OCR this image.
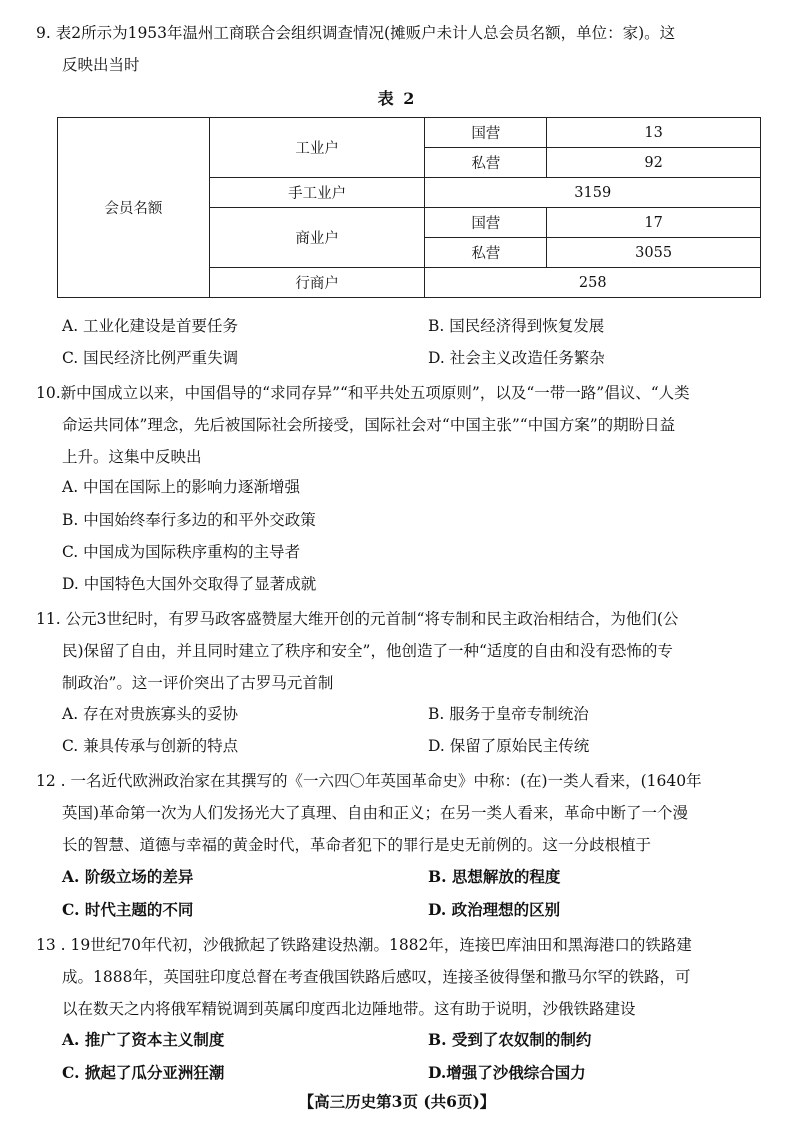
9. 表2所示为1953年温州工商联合会组织调查情况(摊贩户未计人总会员名额，单位：家)。这
反映出当时
表 2
会员名额	工业户	国营	13
		私营	92
	手工业户	3159	
	商业户	国营	17
		私营	3055
	行商户	258	
A. 工业化建设是首要任务	B. 国民经济得到恢复发展
C. 国民经济比例严重失调	D. 社会主义改造任务繁杂
10.新中国成立以来，中国倡导的“求同存异”“和平共处五项原则”，以及“一带一路”倡议、“人类
命运共同体”理念，先后被国际社会所接受，国际社会对“中国主张”“中国方案”的期盼日益
上升。这集中反映出
A. 中国在国际上的影响力逐渐增强
B. 中国始终奉行多边的和平外交政策
C. 中国成为国际秩序重构的主导者
D. 中国特色大国外交取得了显著成就
11. 公元3世纪时，有罗马政客盛赞屋大维开创的元首制“将专制和民主政治相结合，为他们(公
民)保留了自由，并且同时建立了秩序和安全”，他创造了一种“适度的自由和没有恐怖的专
制政治”。这一评价突出了古罗马元首制
A. 存在对贵族寡头的妥协	B. 服务于皇帝专制统治
C. 兼具传承与创新的特点	D. 保留了原始民主传统
12 . 一名近代欧洲政治家在其撰写的《一六四〇年英国革命史》中称：(在)一类人看来，(1640年
英国)革命第一次为人们发扬光大了真理、自由和正义；在另一类人看来，革命中断了一个漫
长的智慧、道德与幸福的黄金时代，革命者犯下的罪行是史无前例的。这一分歧根植于
A. 阶级立场的差异	B. 思想解放的程度
C. 时代主题的不同	D. 政治理想的区别
13 . 19世纪70年代初，沙俄掀起了铁路建设热潮。1882年，连接巴库油田和黑海港口的铁路建
成。1888年，英国驻印度总督在考查俄国铁路后感叹，连接圣彼得堡和撒马尔罕的铁路，可
以在数天之内将俄军精锐调到英属印度西北边陲地带。这有助于说明，沙俄铁路建设
A. 推广了资本主义制度	B. 受到了农奴制的制约
C. 掀起了瓜分亚洲狂潮	D.增强了沙俄综合国力
【高三历史第3页 (共6页)】
